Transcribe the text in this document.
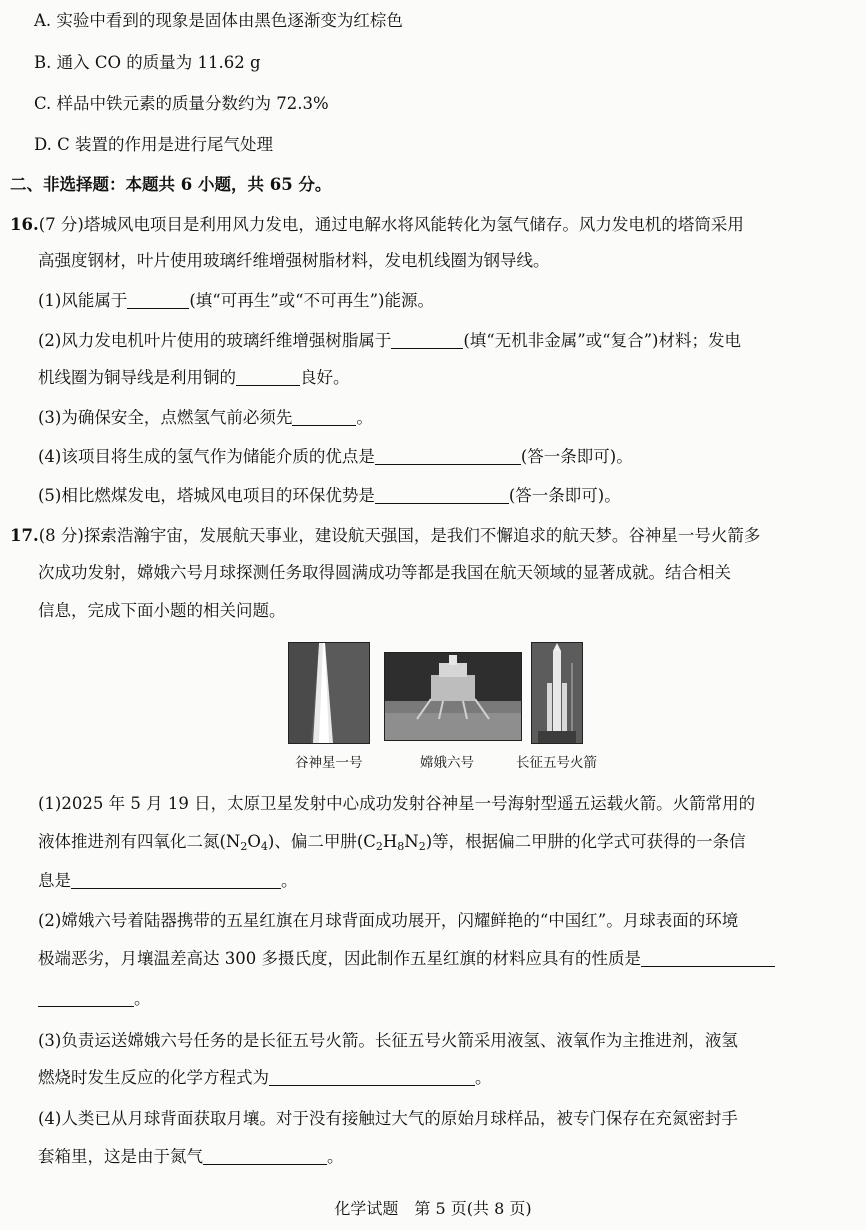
A. 实验中看到的现象是固体由黑色逐渐变为红棕色
B. 通入 CO 的质量为 11.62 g
C. 样品中铁元素的质量分数约为 72.3%
D. C 装置的作用是进行尾气处理
二、非选择题：本题共 6 小题，共 65 分。
16.(7 分)塔城风电项目是利用风力发电，通过电解水将风能转化为氢气储存。风力发电机的塔筒采用
高强度钢材，叶片使用玻璃纤维增强树脂材料，发电机线圈为钢导线。
(1)风能属于	(填“可再生”或“不可再生”)能源。
(2)风力发电机叶片使用的玻璃纤维增强树脂属于	(填“无机非金属”或“复合”)材料；发电
机线圈为铜导线是利用铜的	良好。
(3)为确保安全，点燃氢气前必须先	。
(4)该项目将生成的氢气作为储能介质的优点是	(答一条即可)。
(5)相比燃煤发电，塔城风电项目的环保优势是	(答一条即可)。
17.(8 分)探索浩瀚宇宙，发展航天事业，建设航天强国，是我们不懈追求的航天梦。谷神星一号火箭多
次成功发射，嫦娥六号月球探测任务取得圆满成功等都是我国在航天领域的显著成就。结合相关
信息，完成下面小题的相关问题。
谷神星一号	嫦娥六号	长征五号火箭
(1)2025 年 5 月 19 日，太原卫星发射中心成功发射谷神星一号海射型遥五运载火箭。火箭常用的
液体推进剂有四氧化二氮$(N_2O_4)$、偏二甲肼$(C_2H_8N_2)$等，根据偏二甲肼的化学式可获得的一条信
息是	。
(2)嫦娥六号着陆器携带的五星红旗在月球背面成功展开，闪耀鲜艳的“中国红”。月球表面的环境
极端恶劣，月壤温差高达 300 多摄氏度，因此制作五星红旗的材料应具有的性质是
。
(3)负责运送嫦娥六号任务的是长征五号火箭。长征五号火箭采用液氢、液氧作为主推进剂，液氢
燃烧时发生反应的化学方程式为	。
(4)人类已从月球背面获取月壤。对于没有接触过大气的原始月球样品，被专门保存在充氮密封手
套箱里，这是由于氮气	。
化学试题　第 5 页(共 8 页)
